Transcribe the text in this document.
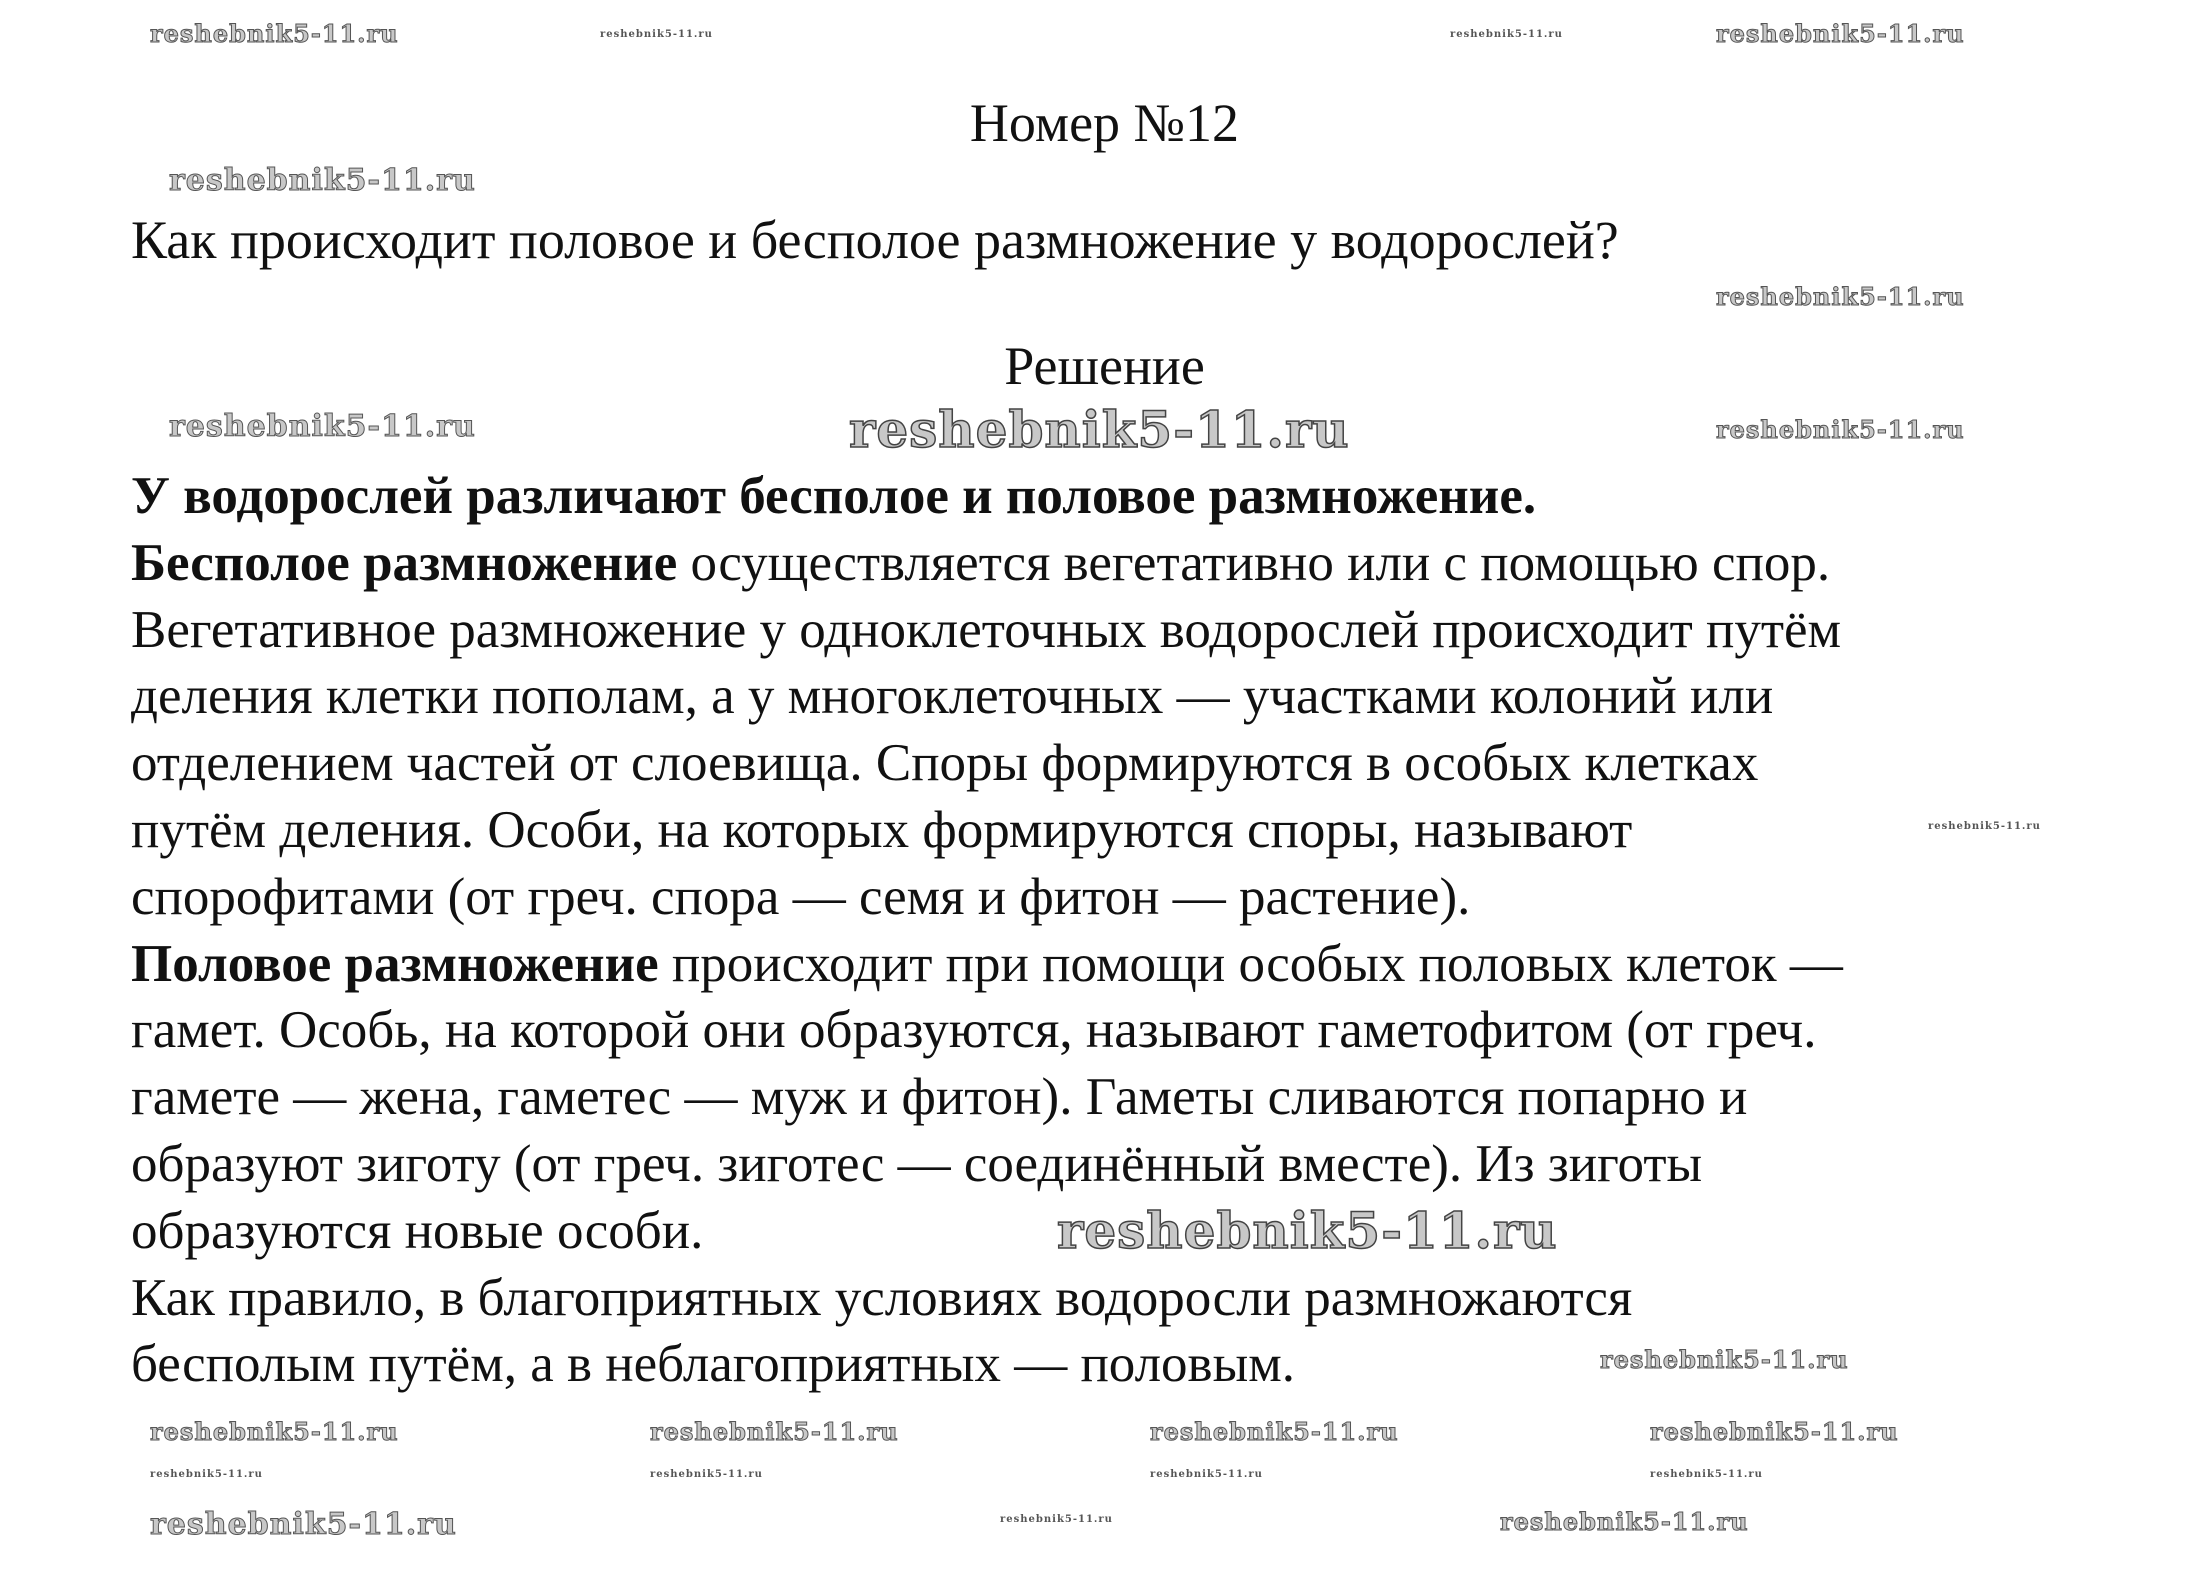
Номер №12
Как происходит половое и бесполое размножение у водорослей?
Решение
У водорослей различают бесполое и половое размножение.
Бесполое размножение осуществляется вегетативно или с помощью спор.
Вегетативное размножение у одноклеточных водорослей происходит путём
деления клетки пополам, а у многоклеточных — участками колоний или
отделением частей от слоевища. Споры формируются в особых клетках
путём деления. Особи, на которых формируются споры, называют
спорофитами (от греч. спора — семя и фитон — растение).
Половое размножение происходит при помощи особых половых клеток —
гамет. Особь, на которой они образуются, называют гаметофитом (от греч.
гамете — жена, гаметес — муж и фитон). Гаметы сливаются попарно и
образуют зиготу (от греч. зиготес — соединённый вместе). Из зиготы
образуются новые особи.
Как правило, в благоприятных условиях водоросли размножаются
бесполым путём, а в неблагоприятных — половым.
reshebnik5-11.ru	reshebnik5-11.ru	reshebnik5-11.ru	reshebnik5-11.ru
reshebnik5-11.ru
reshebnik5-11.ru
reshebnik5-11.ru	reshebnik5-11.ru	reshebnik5-11.ru
reshebnik5-11.ru
reshebnik5-11.ru
reshebnik5-11.ru
reshebnik5-11.ru	reshebnik5-11.ru	reshebnik5-11.ru	reshebnik5-11.ru
reshebnik5-11.ru	reshebnik5-11.ru	reshebnik5-11.ru	reshebnik5-11.ru
reshebnik5-11.ru	reshebnik5-11.ru	reshebnik5-11.ru
